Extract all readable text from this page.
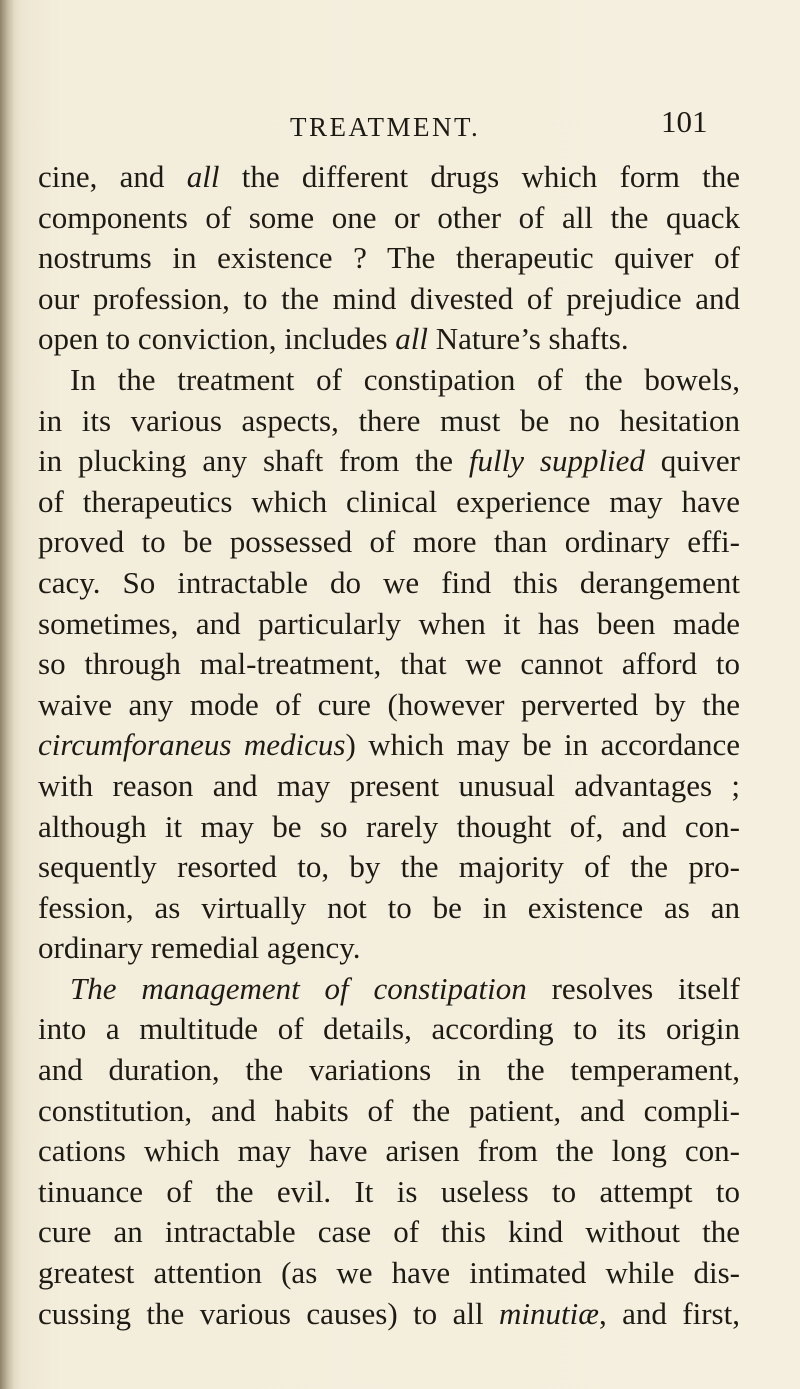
TREATMENT.	101
cine, and all the different drugs which form the
components of some one or other of all the quack
nostrums in existence ? The therapeutic quiver of
our profession, to the mind divested of prejudice and
open to conviction, includes all Nature’s shafts.
In the treatment of constipation of the bowels,
in its various aspects, there must be no hesitation
in plucking any shaft from the fully supplied quiver
of therapeutics which clinical experience may have
proved to be possessed of more than ordinary effi-
cacy. So intractable do we find this derangement
sometimes, and particularly when it has been made
so through mal-treatment, that we cannot afford to
waive any mode of cure (however perverted by the
circumforaneus medicus) which may be in accordance
with reason and may present unusual advantages ;
although it may be so rarely thought of, and con-
sequently resorted to, by the majority of the pro-
fession, as virtually not to be in existence as an
ordinary remedial agency.
The management of constipation resolves itself
into a multitude of details, according to its origin
and duration, the variations in the temperament,
constitution, and habits of the patient, and compli-
cations which may have arisen from the long con-
tinuance of the evil. It is useless to attempt to
cure an intractable case of this kind without the
greatest attention (as we have intimated while dis-
cussing the various causes) to all minutiæ, and first,
